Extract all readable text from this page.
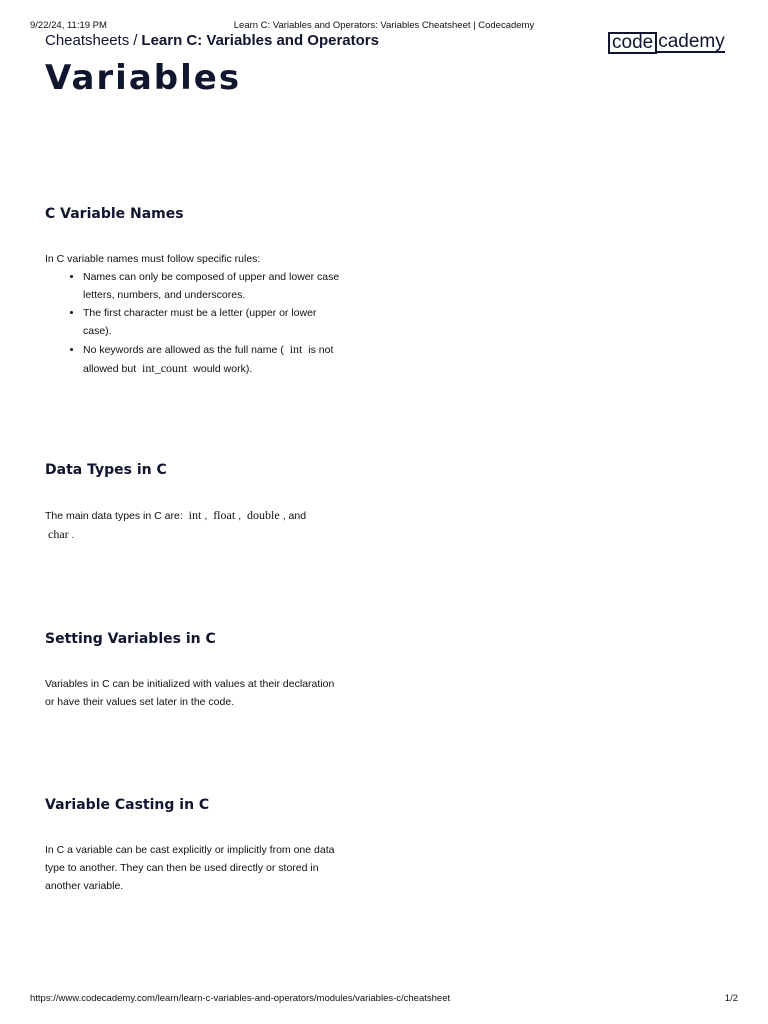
9/22/24, 11:19 PM	Learn C: Variables and Operators: Variables Cheatsheet | Codecademy
Cheatsheets / Learn C: Variables and Operators	code cademy
Variables
C Variable Names

In C variable names must follow specific rules:

• Names can only be composed of upper and lower case letters, numbers, and underscores.
• The first character must be a letter (upper or lower case).
• No keywords are allowed as the full name ( int is not allowed but int_count would work).
Data Types in C

The main data types in C are: int , float , double , and
char .

Setting Variables in C

Variables in C can be initialized with values at their declaration or have their values set later in the code.

Variable Casting in C

In C a variable can be cast explicitly or implicitly from one data type to another. They can then be used directly or stored in another variable.

https://www.codecademy.com/learn/learn-c-variables-and-operators/modules/variables-c/cheatsheet	1/2
